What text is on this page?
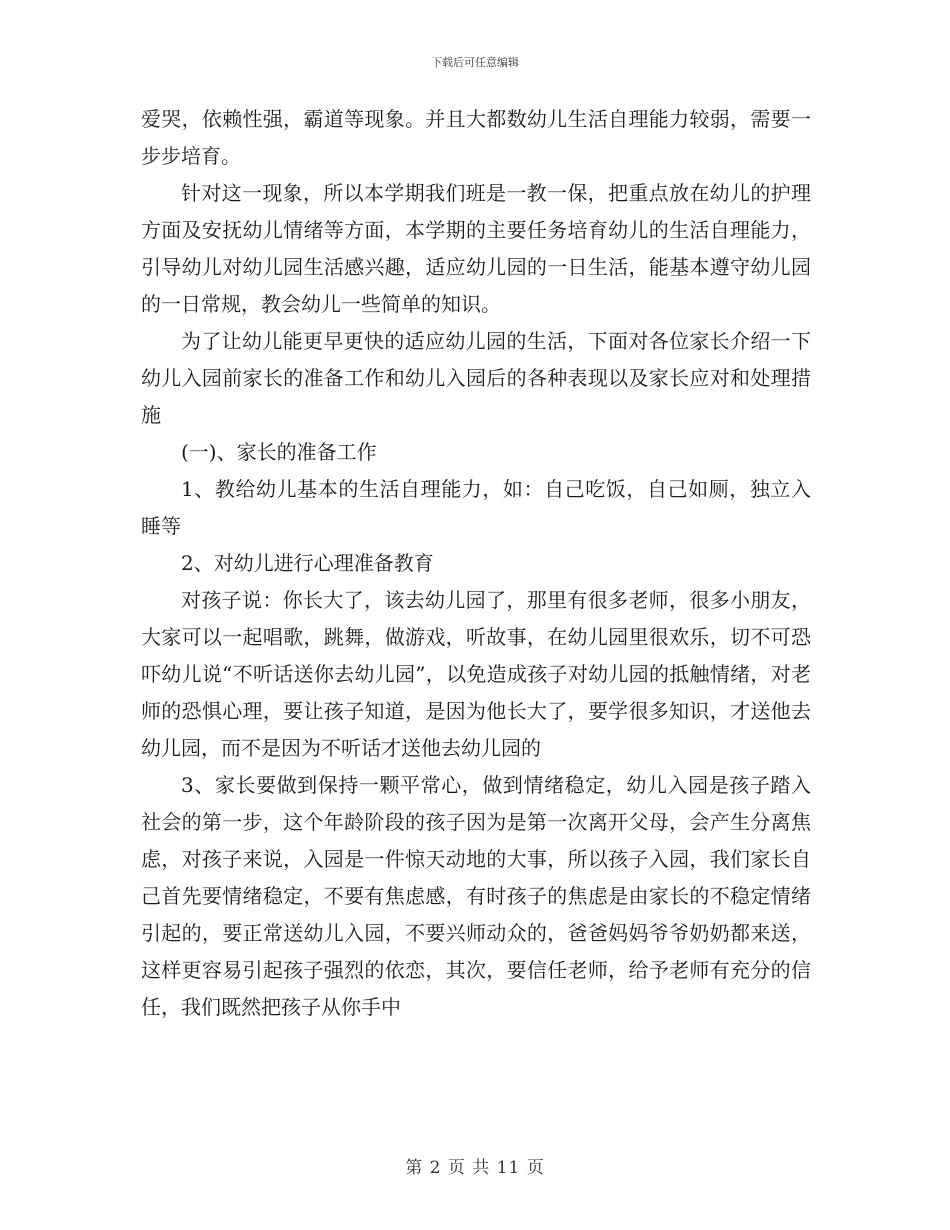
下载后可任意编辑

爱哭，依赖性强，霸道等现象。并且大都数幼儿生活自理能力较弱，需要一步步培育。

针对这一现象，所以本学期我们班是一教一保，把重点放在幼儿的护理方面及安抚幼儿情绪等方面，本学期的主要任务培育幼儿的生活自理能力，引导幼儿对幼儿园生活感兴趣，适应幼儿园的一日生活，能基本遵守幼儿园的一日常规，教会幼儿一些简单的知识。

为了让幼儿能更早更快的适应幼儿园的生活，下面对各位家长介绍一下幼儿入园前家长的准备工作和幼儿入园后的各种表现以及家长应对和处理措施

(一)、家长的准备工作

1、教给幼儿基本的生活自理能力，如：自己吃饭，自己如厕，独立入睡等

2、对幼儿进行心理准备教育

对孩子说：你长大了，该去幼儿园了，那里有很多老师，很多小朋友，大家可以一起唱歌，跳舞，做游戏，听故事，在幼儿园里很欢乐，切不可恐吓幼儿说“不听话送你去幼儿园”，以免造成孩子对幼儿园的抵触情绪，对老师的恐惧心理，要让孩子知道，是因为他长大了，要学很多知识，才送他去幼儿园，而不是因为不听话才送他去幼儿园的

3、家长要做到保持一颗平常心，做到情绪稳定，幼儿入园是孩子踏入社会的第一步，这个年龄阶段的孩子因为是第一次离开父母，会产生分离焦虑，对孩子来说，入园是一件惊天动地的大事，所以孩子入园，我们家长自己首先要情绪稳定，不要有焦虑感，有时孩子的焦虑是由家长的不稳定情绪引起的，要正常送幼儿入园，不要兴师动众的，爸爸妈妈爷爷奶奶都来送，这样更容易引起孩子强烈的依恋，其次，要信任老师，给予老师有充分的信任，我们既然把孩子从你手中

第 2 页 共 11 页
